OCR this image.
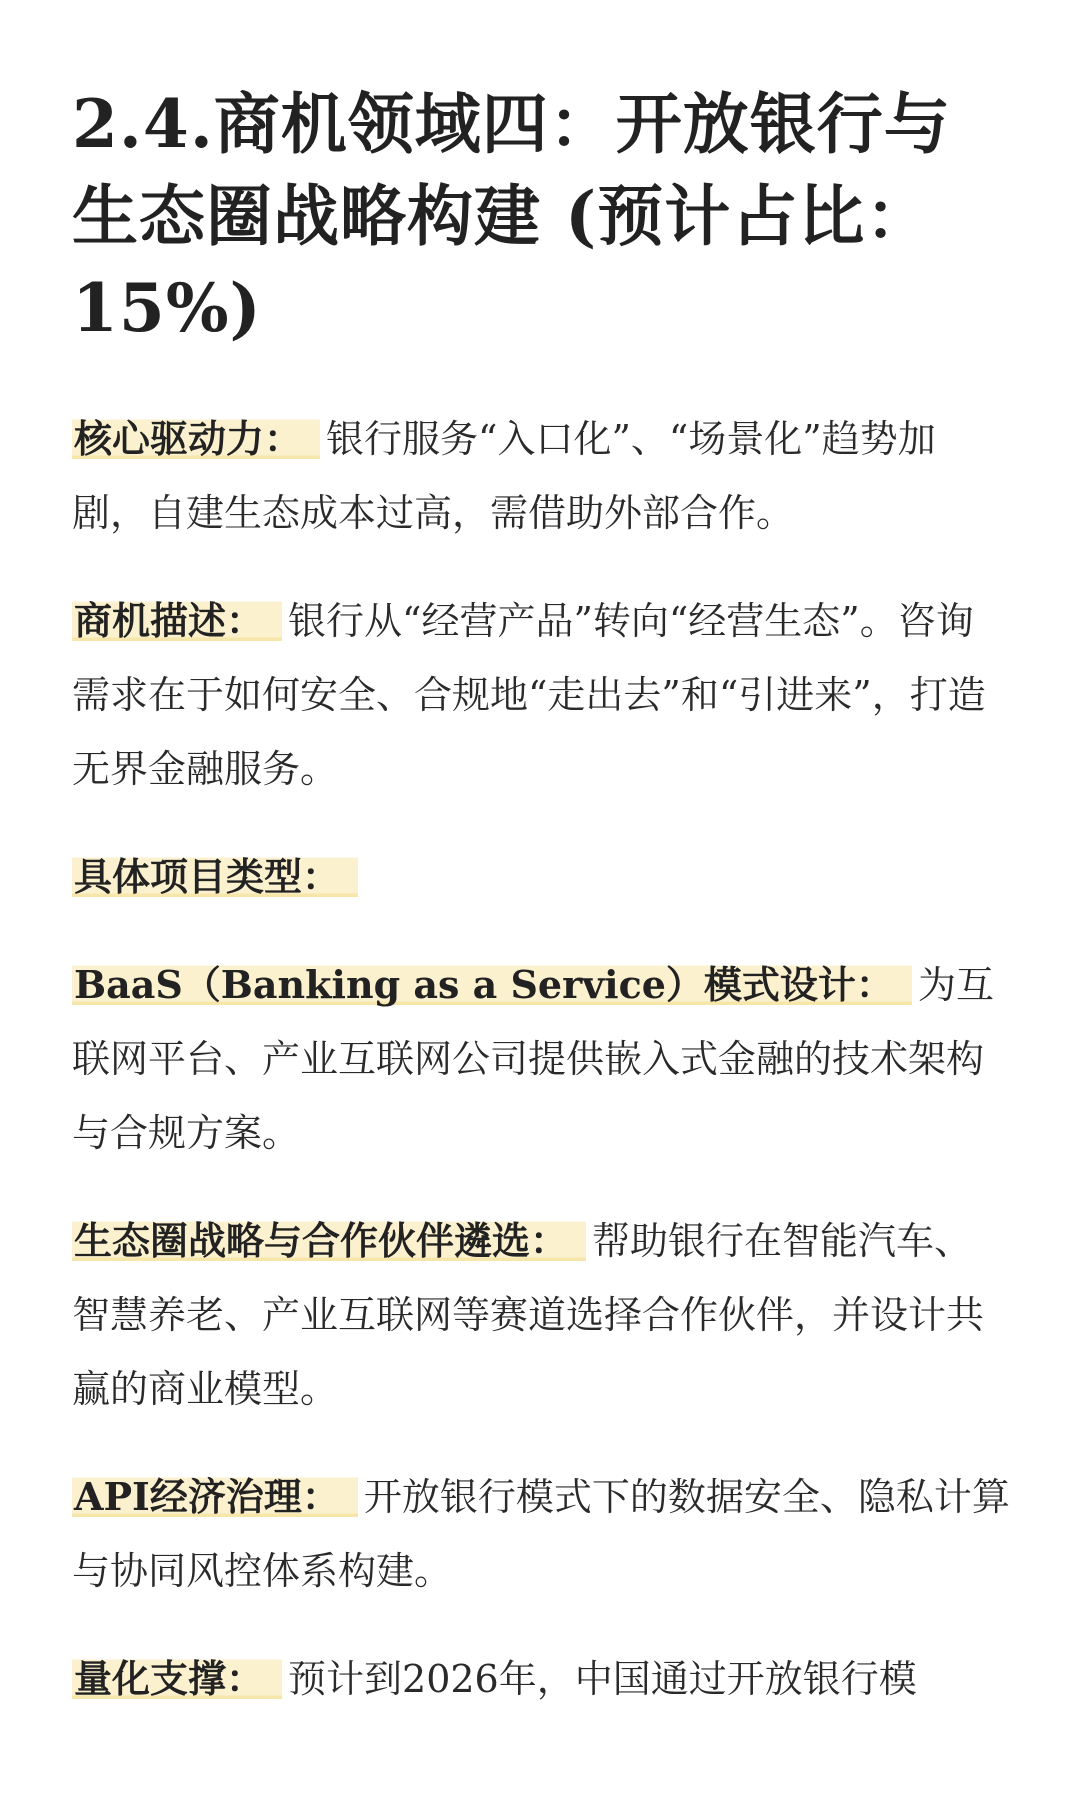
2.4.商机领域四：开放银行与生态圈战略构建 (预计占比：15%)

核心驱动力： 银行服务“入口化”、“场景化”趋势加剧，自建生态成本过高，需借助外部合作。

商机描述： 银行从“经营产品”转向“经营生态”。咨询需求在于如何安全、合规地“走出去”和“引进来”，打造无界金融服务。

具体项目类型：

BaaS（Banking as a Service）模式设计： 为互联网平台、产业互联网公司提供嵌入式金融的技术架构与合规方案。

生态圈战略与合作伙伴遴选： 帮助银行在智能汽车、智慧养老、产业互联网等赛道选择合作伙伴，并设计共赢的商业模型。

API经济治理： 开放银行模式下的数据安全、隐私计算与协同风控体系构建。

量化支撑： 预计到2026年，中国通过开放银行模
